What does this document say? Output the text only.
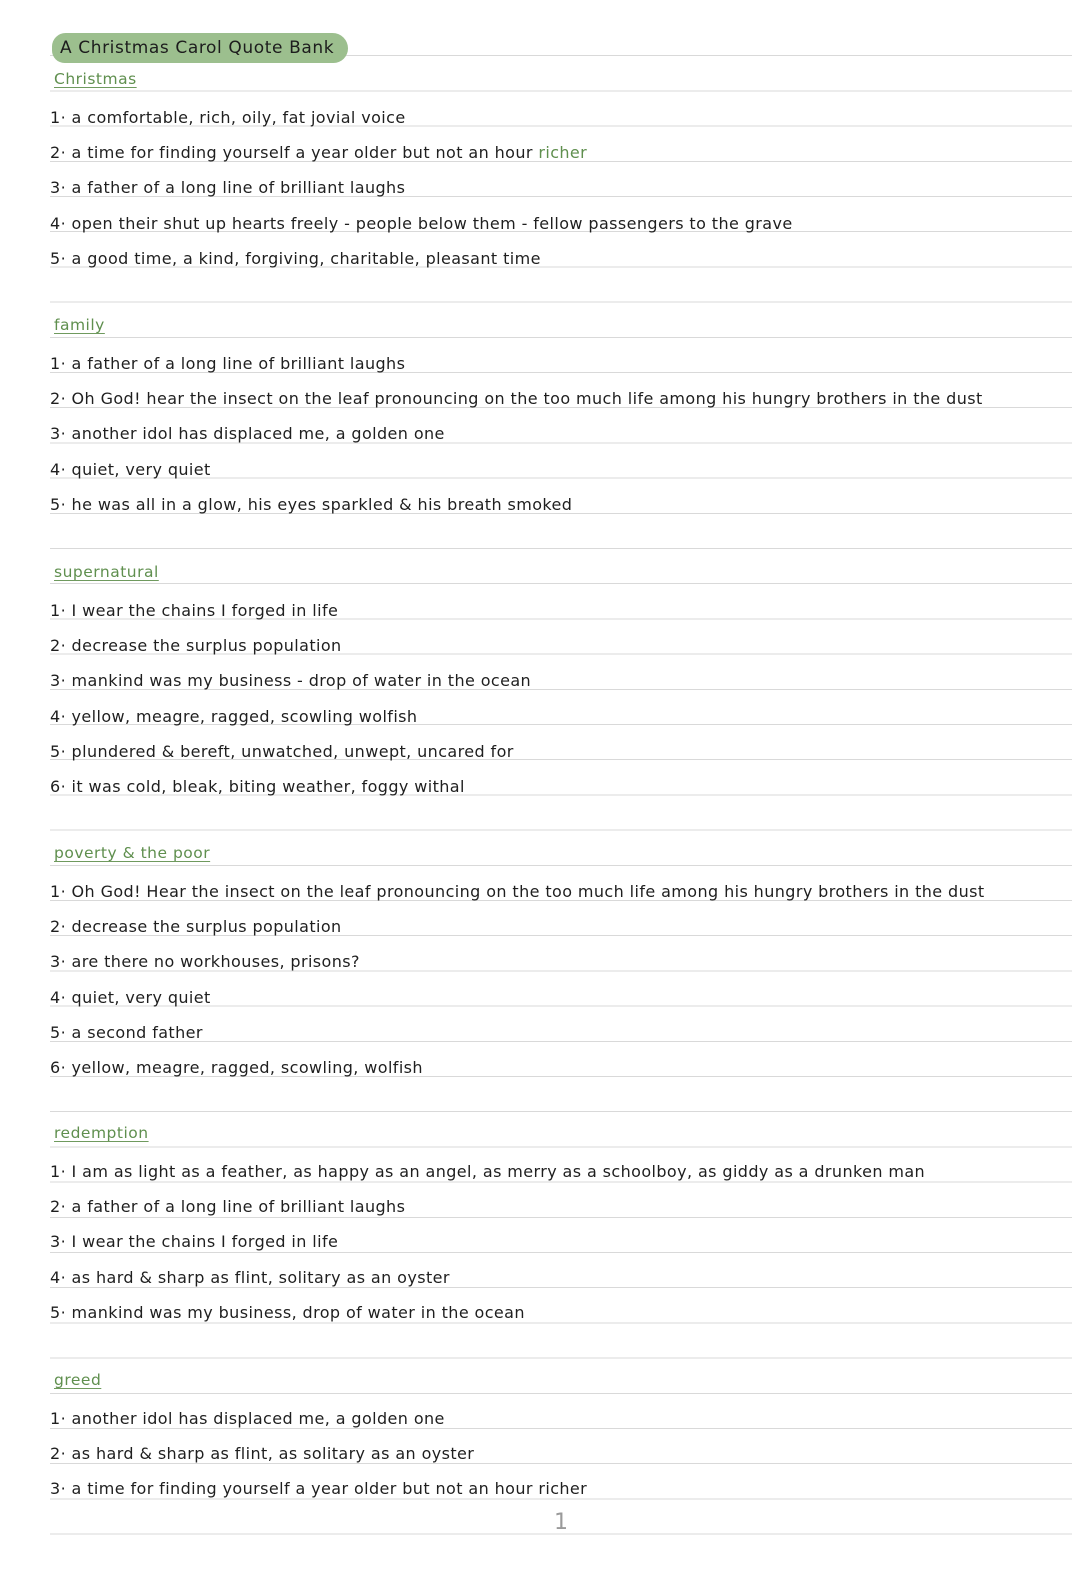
A Christmas Carol Quote Bank
Christmas
1· a comfortable, rich, oily, fat jovial voice
2· a time for finding yourself a year older but not an hour richer
3· a father of a long line of brilliant laughs
4· open their shut up hearts freely - people below them - fellow passengers to the grave
5· a good time, a kind, forgiving, charitable, pleasant time
family
1· a father of a long line of brilliant laughs
2· Oh God! hear the insect on the leaf pronouncing on the too much life among his hungry brothers in the dust
3· another idol has displaced me, a golden one
4· quiet, very quiet
5· he was all in a glow, his eyes sparkled & his breath smoked
supernatural
1· I wear the chains I forged in life
2· decrease the surplus population
3· mankind was my business - drop of water in the ocean
4· yellow, meagre, ragged, scowling wolfish
5· plundered & bereft, unwatched, unwept, uncared for
6· it was cold, bleak, biting weather, foggy withal
poverty & the poor
1· Oh God! Hear the insect on the leaf pronouncing on the too much life among his hungry brothers in the dust
2· decrease the surplus population
3· are there no workhouses, prisons?
4· quiet, very quiet
5· a second father
6· yellow, meagre, ragged, scowling, wolfish
redemption
1· I am as light as a feather, as happy as an angel, as merry as a schoolboy, as giddy as a drunken man
2· a father of a long line of brilliant laughs
3· I wear the chains I forged in life
4· as hard & sharp as flint, solitary as an oyster
5· mankind was my business, drop of water in the ocean
greed
1· another idol has displaced me, a golden one
2· as hard & sharp as flint, as solitary as an oyster
3· a time for finding yourself a year older but not an hour richer
1
